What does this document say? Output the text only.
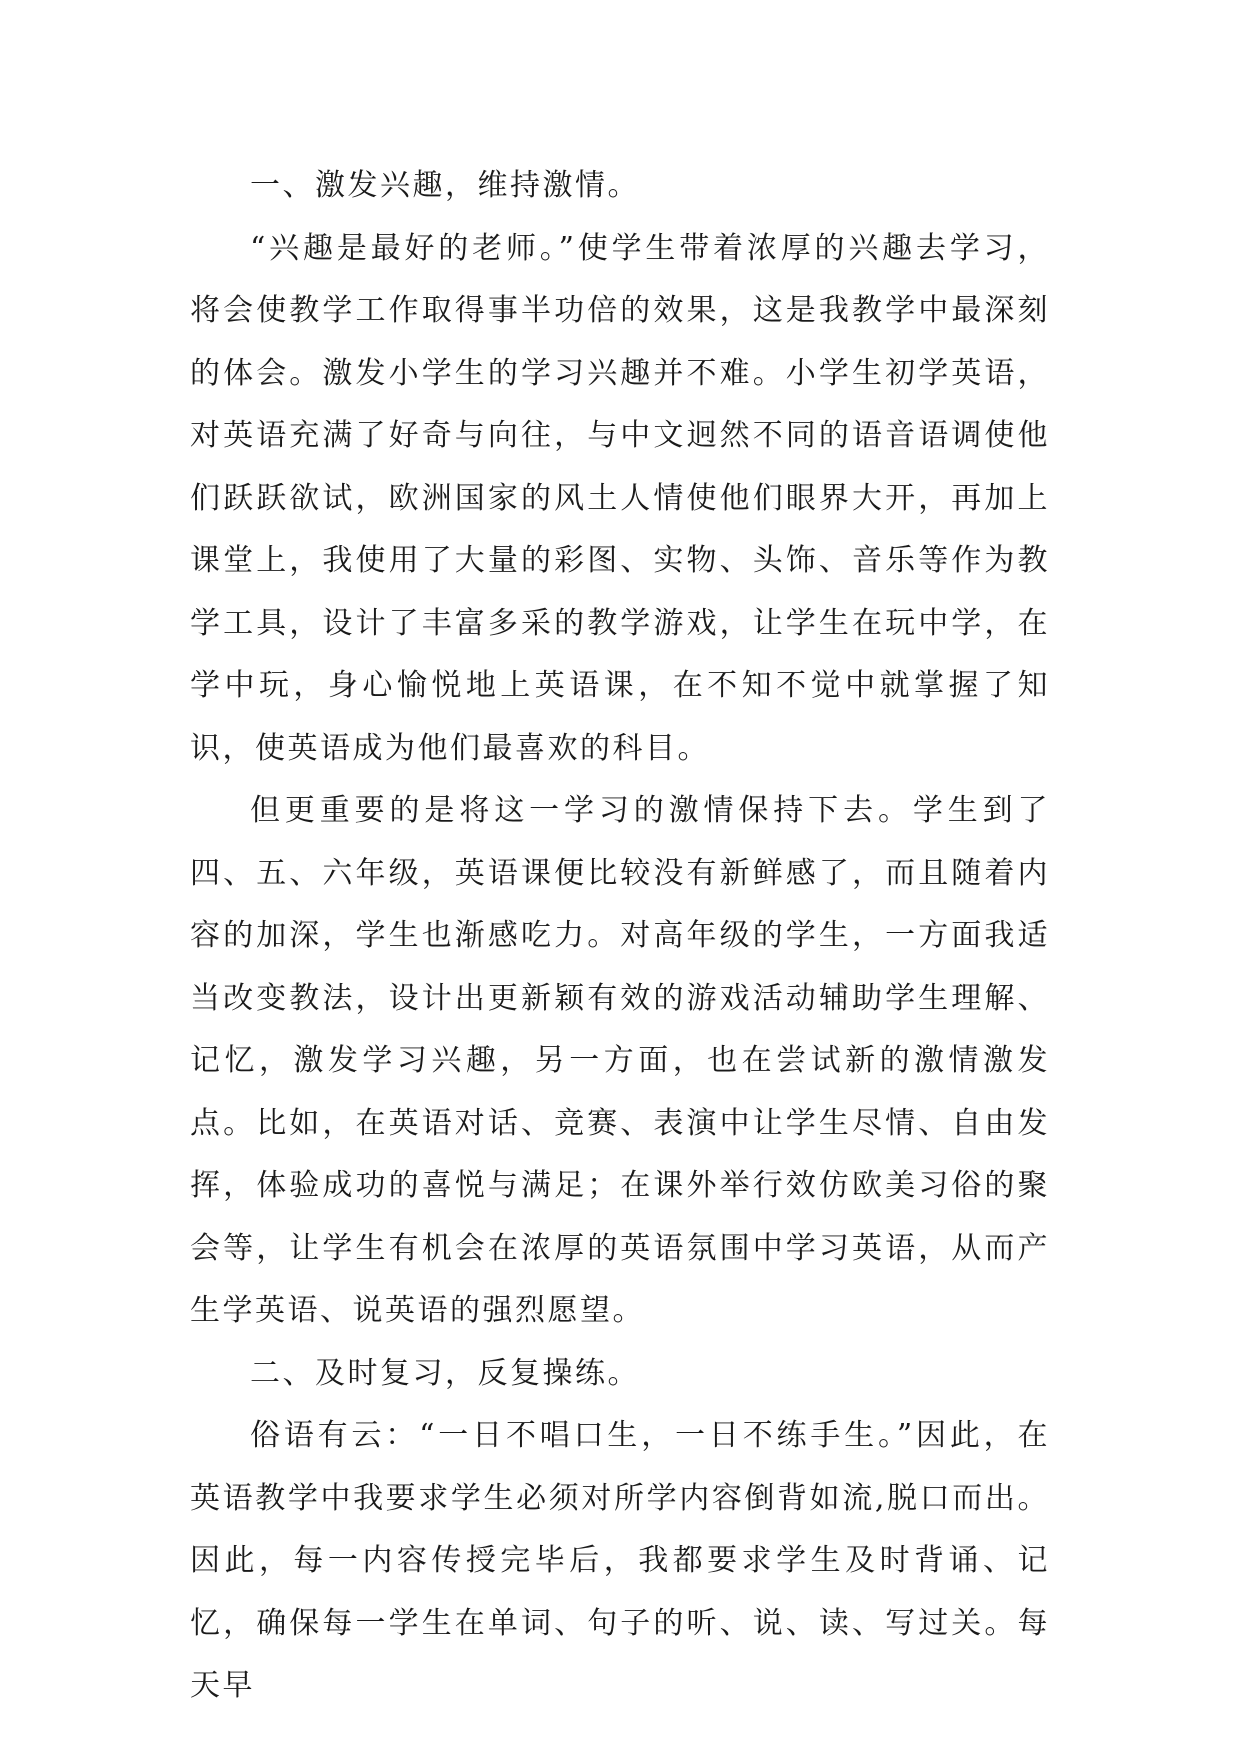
一、激发兴趣，维持激情。

“兴趣是最好的老师。”使学生带着浓厚的兴趣去学习，将会使教学工作取得事半功倍的效果，这是我教学中最深刻的体会。激发小学生的学习兴趣并不难。小学生初学英语，对英语充满了好奇与向往，与中文迥然不同的语音语调使他们跃跃欲试，欧洲国家的风土人情使他们眼界大开，再加上课堂上，我使用了大量的彩图、实物、头饰、音乐等作为教学工具，设计了丰富多采的教学游戏，让学生在玩中学，在学中玩，身心愉悦地上英语课，在不知不觉中就掌握了知识，使英语成为他们最喜欢的科目。

但更重要的是将这一学习的激情保持下去。学生到了四、五、六年级，英语课便比较没有新鲜感了，而且随着内容的加深，学生也渐感吃力。对高年级的学生，一方面我适当改变教法，设计出更新颖有效的游戏活动辅助学生理解、记忆，激发学习兴趣，另一方面，也在尝试新的激情激发点。比如，在英语对话、竞赛、表演中让学生尽情、自由发挥，体验成功的喜悦与满足；在课外举行效仿欧美习俗的聚会等，让学生有机会在浓厚的英语氛围中学习英语，从而产生学英语、说英语的强烈愿望。

二、及时复习，反复操练。

俗语有云：“一日不唱口生，一日不练手生。”因此，在英语教学中我要求学生必须对所学内容倒背如流,脱口而出。因此，每一内容传授完毕后，我都要求学生及时背诵、记忆，确保每一学生在单词、句子的听、说、读、写过关。每天早
